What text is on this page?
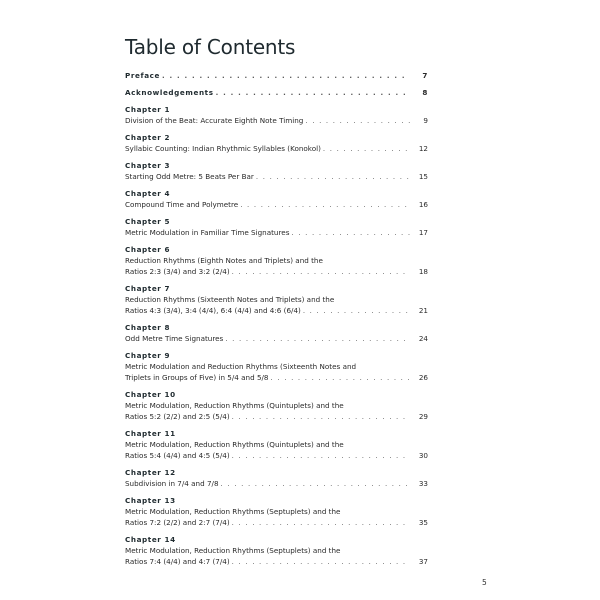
Table of Contents
Preface . . .	7
Acknowledgements . . .	8
Chapter 1
Division of the Beat: Accurate Eighth Note Timing . . .	9
Chapter 2
Syllabic Counting: Indian Rhythmic Syllables (Konokol) . . .	12
Chapter 3
Starting Odd Metre: 5 Beats Per Bar . . .	15
Chapter 4
Compound Time and Polymetre . . .	16
Chapter 5
Metric Modulation in Familiar Time Signatures . . .	17
Chapter 6
Reduction Rhythms (Eighth Notes and Triplets) and the
Ratios 2:3 (3/4) and 3:2 (2/4) . . .	18
Chapter 7
Reduction Rhythms (Sixteenth Notes and Triplets) and the
Ratios 4:3 (3/4), 3:4 (4/4), 6:4 (4/4) and 4:6 (6/4) . . .	21
Chapter 8
Odd Metre Time Signatures . . .	24
Chapter 9
Metric Modulation and Reduction Rhythms (Sixteenth Notes and
Triplets in Groups of Five) in 5/4 and 5/8 . . .	26
Chapter 10
Metric Modulation, Reduction Rhythms (Quintuplets) and the
Ratios 5:2 (2/2) and 2:5 (5/4) . . .	29
Chapter 11
Metric Modulation, Reduction Rhythms (Quintuplets) and the
Ratios 5:4 (4/4) and 4:5 (5/4) . . .	30
Chapter 12
Subdivision in 7/4 and 7/8 . . .	33
Chapter 13
Metric Modulation, Reduction Rhythms (Septuplets) and the
Ratios 7:2 (2/2) and 2:7 (7/4) . . .	35
Chapter 14
Metric Modulation, Reduction Rhythms (Septuplets) and the
Ratios 7:4 (4/4) and 4:7 (7/4) . . .	37
5
